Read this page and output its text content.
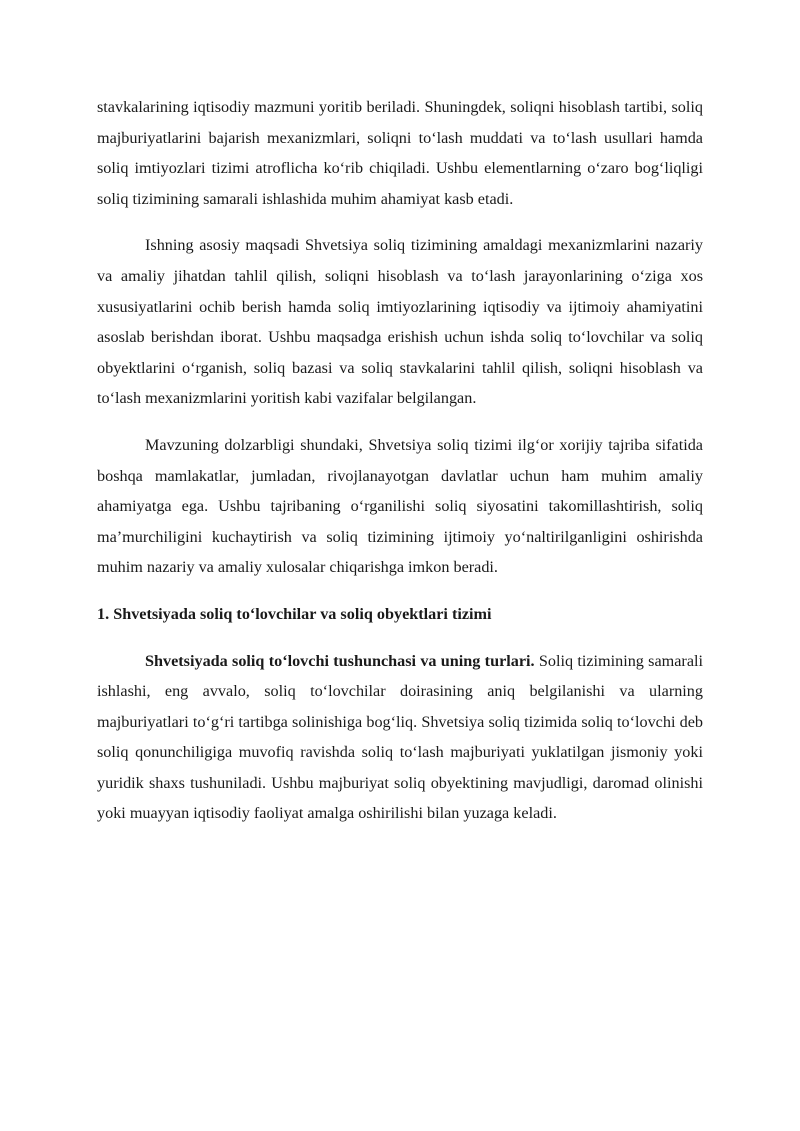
stavkalarining iqtisodiy mazmuni yoritib beriladi. Shuningdek, soliqni hisoblash tartibi, soliq majburiyatlarini bajarish mexanizmlari, soliqni to‘lash muddati va to‘lash usullari hamda soliq imtiyozlari tizimi atroflicha ko‘rib chiqiladi. Ushbu elementlarning o‘zaro bog‘liqligi soliq tizimining samarali ishlashida muhim ahamiyat kasb etadi.

Ishning asosiy maqsadi Shvetsiya soliq tizimining amaldagi mexanizmlarini nazariy va amaliy jihatdan tahlil qilish, soliqni hisoblash va to‘lash jarayonlarining o‘ziga xos xususiyatlarini ochib berish hamda soliq imtiyozlarining iqtisodiy va ijtimoiy ahamiyatini asoslab berishdan iborat. Ushbu maqsadga erishish uchun ishda soliq to‘lovchilar va soliq obyektlarini o‘rganish, soliq bazasi va soliq stavkalarini tahlil qilish, soliqni hisoblash va to‘lash mexanizmlarini yoritish kabi vazifalar belgilangan.

Mavzuning dolzarbligi shundaki, Shvetsiya soliq tizimi ilg‘or xorijiy tajriba sifatida boshqa mamlakatlar, jumladan, rivojlanayotgan davlatlar uchun ham muhim amaliy ahamiyatga ega. Ushbu tajribaning o‘rganilishi soliq siyosatini takomillashtirish, soliq ma’murchiligini kuchaytirish va soliq tizimining ijtimoiy yo‘naltirilganligini oshirishda muhim nazariy va amaliy xulosalar chiqarishga imkon beradi.

1. Shvetsiyada soliq to‘lovchilar va soliq obyektlari tizimi

Shvetsiyada soliq to‘lovchi tushunchasi va uning turlari. Soliq tizimining samarali ishlashi, eng avvalo, soliq to‘lovchilar doirasining aniq belgilanishi va ularning majburiyatlari to‘g‘ri tartibga solinishiga bog‘liq. Shvetsiya soliq tizimida soliq to‘lovchi deb soliq qonunchiligiga muvofiq ravishda soliq to‘lash majburiyati yuklatilgan jismoniy yoki yuridik shaxs tushuniladi. Ushbu majburiyat soliq obyektining mavjudligi, daromad olinishi yoki muayyan iqtisodiy faoliyat amalga oshirilishi bilan yuzaga keladi.
